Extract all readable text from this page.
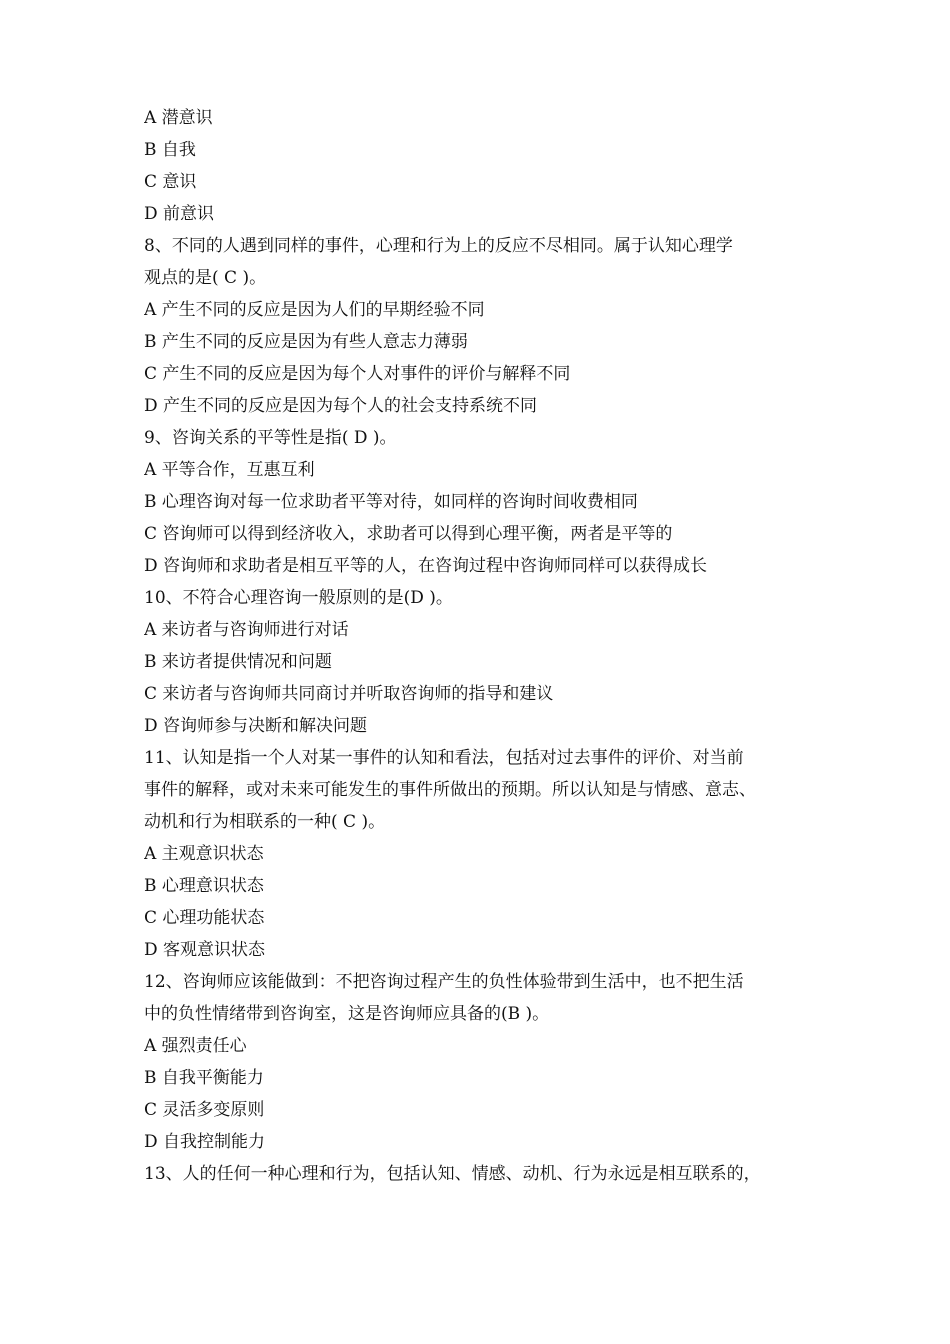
A 潜意识
B 自我
C 意识
D 前意识
8、不同的人遇到同样的事件，心理和行为上的反应不尽相同。属于认知心理学
观点的是( C )。
A 产生不同的反应是因为人们的早期经验不同
B 产生不同的反应是因为有些人意志力薄弱
C 产生不同的反应是因为每个人对事件的评价与解释不同
D 产生不同的反应是因为每个人的社会支持系统不同
9、咨询关系的平等性是指( D )。
A 平等合作，互惠互利
B 心理咨询对每一位求助者平等对待，如同样的咨询时间收费相同
C 咨询师可以得到经济收入，求助者可以得到心理平衡，两者是平等的
D 咨询师和求助者是相互平等的人，在咨询过程中咨询师同样可以获得成长
10、不符合心理咨询一般原则的是(D )。
A 来访者与咨询师进行对话
B 来访者提供情况和问题
C 来访者与咨询师共同商讨并听取咨询师的指导和建议
D 咨询师参与决断和解决问题
11、认知是指一个人对某一事件的认知和看法，包括对过去事件的评价、对当前
事件的解释，或对未来可能发生的事件所做出的预期。所以认知是与情感、意志、
动机和行为相联系的一种( C )。
A 主观意识状态
B 心理意识状态
C 心理功能状态
D 客观意识状态
12、咨询师应该能做到：不把咨询过程产生的负性体验带到生活中，也不把生活
中的负性情绪带到咨询室，这是咨询师应具备的(B )。
A 强烈责任心
B 自我平衡能力
C 灵活多变原则
D 自我控制能力
13、人的任何一种心理和行为，包括认知、情感、动机、行为永远是相互联系的，
